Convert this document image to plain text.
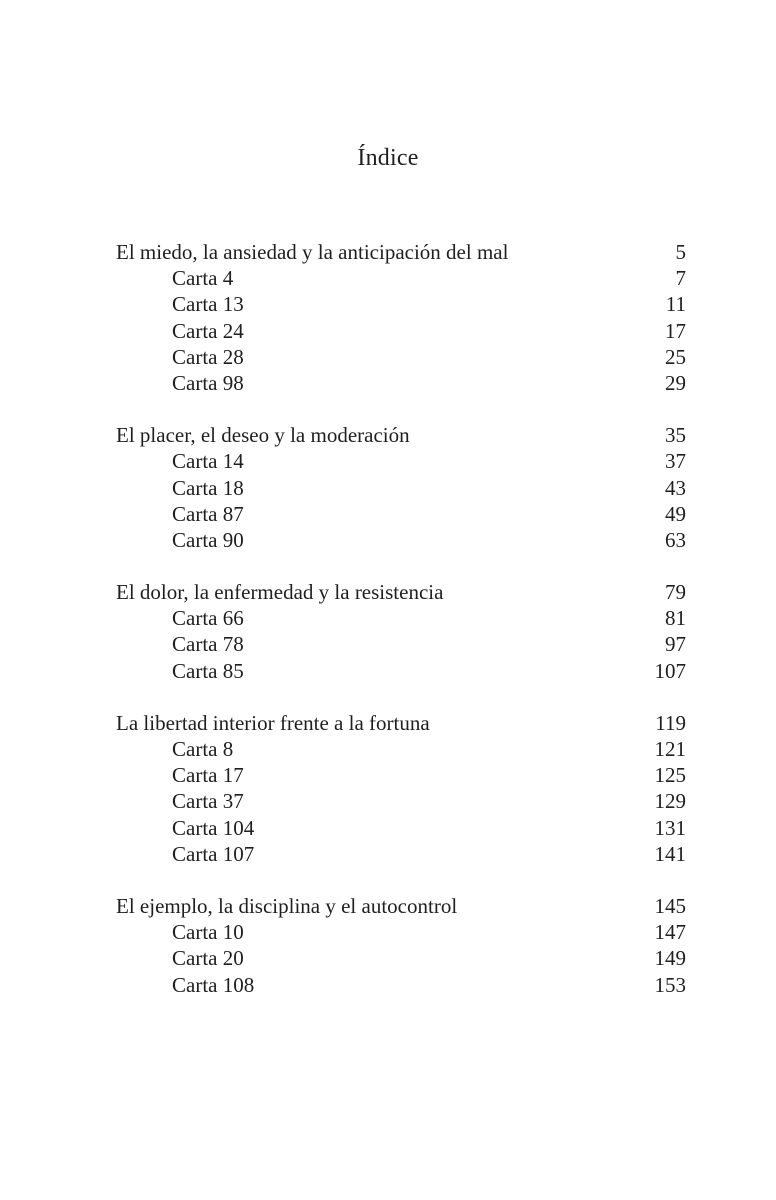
Índice
El miedo, la ansiedad y la anticipación del mal	5
Carta 4	7
Carta 13	11
Carta 24	17
Carta 28	25
Carta 98	29
El placer, el deseo y la moderación	35
Carta 14	37
Carta 18	43
Carta 87	49
Carta 90	63
El dolor, la enfermedad y la resistencia	79
Carta 66	81
Carta 78	97
Carta 85	107
La libertad interior frente a la fortuna	119
Carta 8	121
Carta 17	125
Carta 37	129
Carta 104	131
Carta 107	141
El ejemplo, la disciplina y el autocontrol	145
Carta 10	147
Carta 20	149
Carta 108	153
